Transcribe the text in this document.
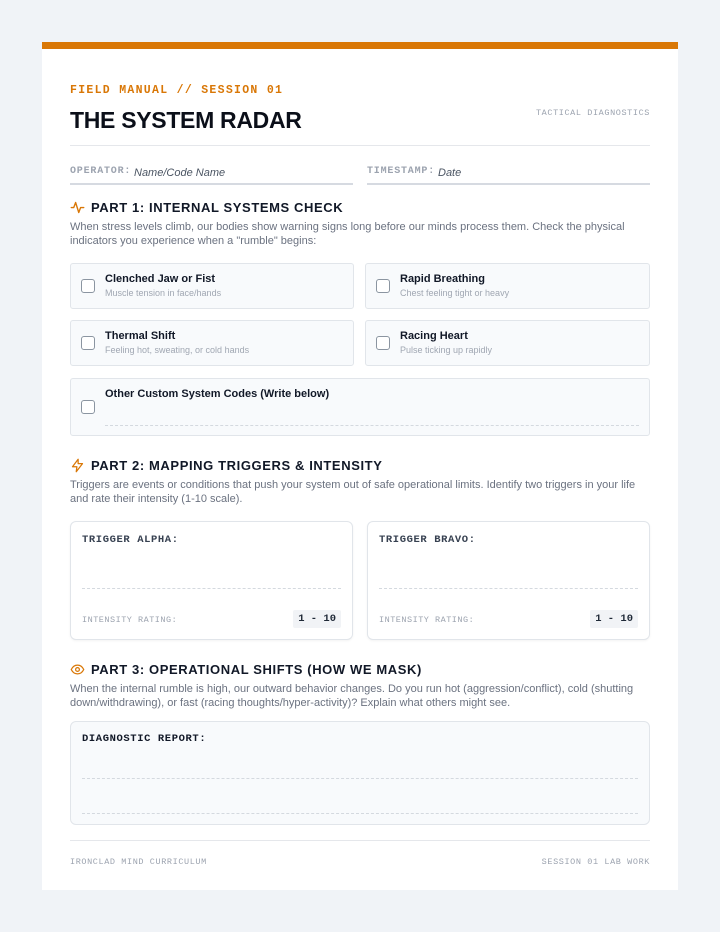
FIELD MANUAL // SESSION 01
THE SYSTEM RADAR	TACTICAL DIAGNOSTICS
OPERATOR: Name/Code Name	TIMESTAMP: Date
PART 1: INTERNAL SYSTEMS CHECK

When stress levels climb, our bodies show warning signs long before our minds process them. Check the physical indicators you experience when a "rumble" begins:

Clenched Jaw or Fist
Muscle tension in face/hands
Rapid Breathing
Chest feeling tight or heavy
Thermal Shift
Feeling hot, sweating, or cold hands
Racing Heart
Pulse ticking up rapidly
Other Custom System Codes (Write below)
PART 2: MAPPING TRIGGERS & INTENSITY

Triggers are events or conditions that push your system out of safe operational limits. Identify two triggers in your life and rate their intensity (1-10 scale).

TRIGGER ALPHA:
INTENSITY RATING:	1 - 10
TRIGGER BRAVO:
INTENSITY RATING:	1 - 10
PART 3: OPERATIONAL SHIFTS (HOW WE MASK)

When the internal rumble is high, our outward behavior changes. Do you run hot (aggression/conflict), cold (shutting down/withdrawing), or fast (racing thoughts/hyper-activity)? Explain what others might see.

DIAGNOSTIC REPORT:
IRONCLAD MIND CURRICULUM	SESSION 01 LAB WORK
